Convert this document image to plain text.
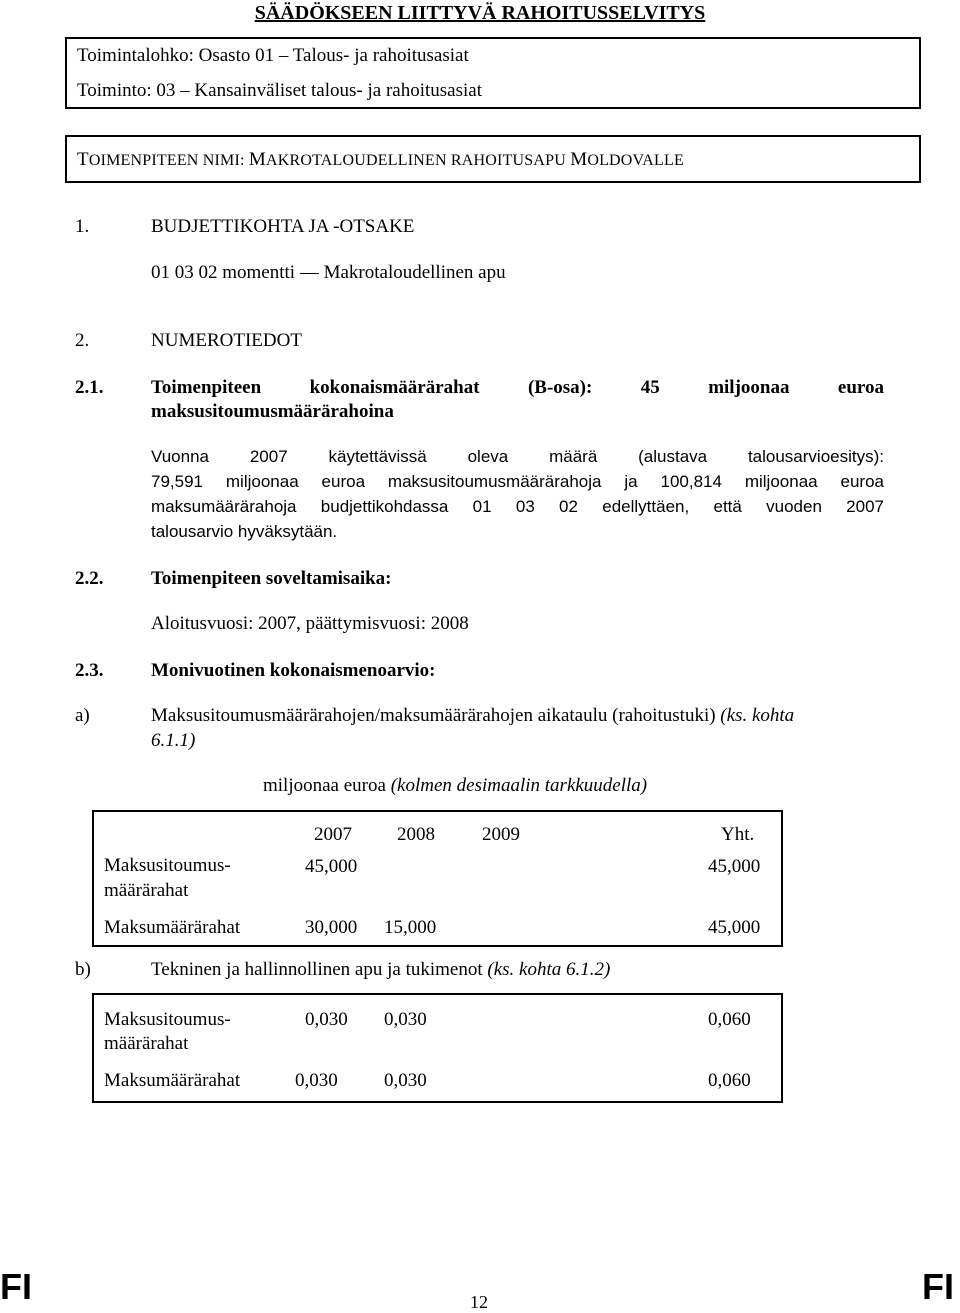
SÄÄDÖKSEEN LIITTYVÄ RAHOITUSSELVITYS
Toimintalohko: Osasto 01 – Talous- ja rahoitusasiat
Toiminto: 03 – Kansainväliset talous- ja rahoitusasiat
TOIMENPITEEN NIMI: MAKROTALOUDELLINEN RAHOITUSAPU MOLDOVALLE
1.	BUDJETTIKOHTA JA -OTSAKE
01 03 02 momentti — Makrotaloudellinen apu
2.	NUMEROTIEDOT
2.1.	Toimenpiteen kokonaismäärärahat (B-osa): 45 miljoonaa euroa
maksusitoumusmäärärahoina
Vuonna 2007 käytettävissä oleva määrä (alustava talousarvioesitys):
79,591 miljoonaa euroa maksusitoumusmäärärahoja ja 100,814 miljoonaa euroa
maksumäärärahoja budjettikohdassa 01 03 02 edellyttäen, että vuoden 2007
talousarvio hyväksytään.
2.2.	Toimenpiteen soveltamisaika:
Aloitusvuosi: 2007, päättymisvuosi: 2008
2.3.	Monivuotinen kokonaismenoarvio:
a)	Maksusitoumusmäärärahojen/maksumäärärahojen aikataulu (rahoitustuki) (ks. kohta
6.1.1)
miljoonaa euroa (kolmen desimaalin tarkkuudella)
2007 2008 2009	Yht.
Maksusitoumus-
määrärahat
45,000	45,000
Maksumäärärahat	30,000 15,000	45,000
b)	Tekninen ja hallinnollinen apu ja tukimenot (ks. kohta 6.1.2)
Maksusitoumus-
määrärahat
0,030 0,030	0,060
Maksumäärärahat	0,030 0,030	0,060
FI	12	FI
